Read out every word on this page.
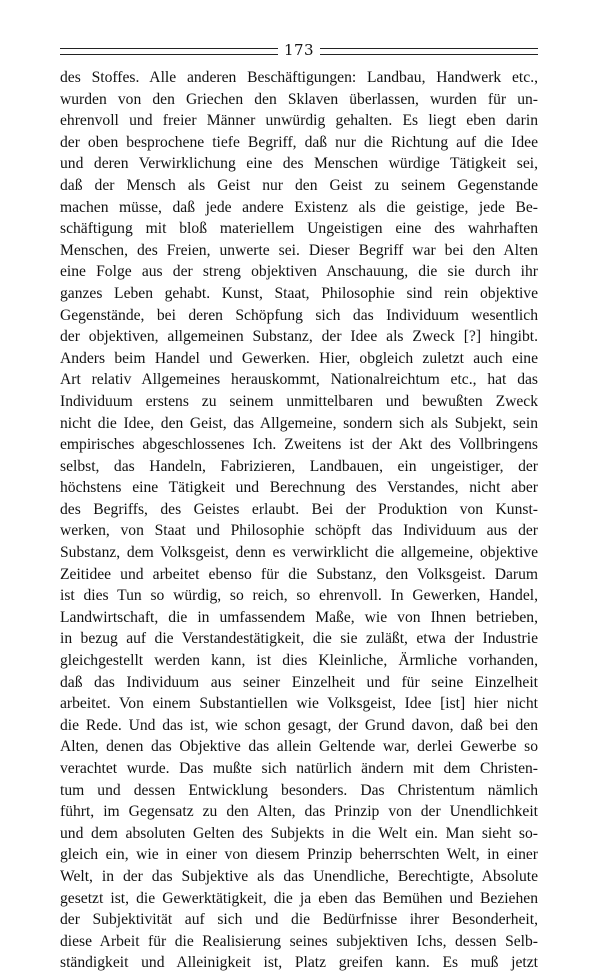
173
des Stoffes. Alle anderen Beschäftigungen: Landbau, Handwerk etc.,
wurden von den Griechen den Sklaven überlassen, wurden für un-
ehrenvoll und freier Männer unwürdig gehalten. Es liegt eben darin
der oben besprochene tiefe Begriff, daß nur die Richtung auf die Idee
und deren Verwirklichung eine des Menschen würdige Tätigkeit sei,
daß der Mensch als Geist nur den Geist zu seinem Gegenstande
machen müsse, daß jede andere Existenz als die geistige, jede Be-
schäftigung mit bloß materiellem Ungeistigen eine des wahrhaften
Menschen, des Freien, unwerte sei. Dieser Begriff war bei den Alten
eine Folge aus der streng objektiven Anschauung, die sie durch ihr
ganzes Leben gehabt. Kunst, Staat, Philosophie sind rein objektive
Gegenstände, bei deren Schöpfung sich das Individuum wesentlich
der objektiven, allgemeinen Substanz, der Idee als Zweck [?] hingibt.
Anders beim Handel und Gewerken. Hier, obgleich zuletzt auch eine
Art relativ Allgemeines herauskommt, Nationalreichtum etc., hat das
Individuum erstens zu seinem unmittelbaren und bewußten Zweck
nicht die Idee, den Geist, das Allgemeine, sondern sich als Subjekt, sein
empirisches abgeschlossenes Ich. Zweitens ist der Akt des Vollbringens
selbst, das Handeln, Fabrizieren, Landbauen, ein ungeistiger, der
höchstens eine Tätigkeit und Berechnung des Verstandes, nicht aber
des Begriffs, des Geistes erlaubt. Bei der Produktion von Kunst-
werken, von Staat und Philosophie schöpft das Individuum aus der
Substanz, dem Volksgeist, denn es verwirklicht die allgemeine, objektive
Zeitidee und arbeitet ebenso für die Substanz, den Volksgeist. Darum
ist dies Tun so würdig, so reich, so ehrenvoll. In Gewerken, Handel,
Landwirtschaft, die in umfassendem Maße, wie von Ihnen betrieben,
in bezug auf die Verstandestätigkeit, die sie zuläßt, etwa der Industrie
gleichgestellt werden kann, ist dies Kleinliche, Ärmliche vorhanden,
daß das Individuum aus seiner Einzelheit und für seine Einzelheit
arbeitet. Von einem Substantiellen wie Volksgeist, Idee [ist] hier nicht
die Rede. Und das ist, wie schon gesagt, der Grund davon, daß bei den
Alten, denen das Objektive das allein Geltende war, derlei Gewerbe so
verachtet wurde. Das mußte sich natürlich ändern mit dem Christen-
tum und dessen Entwicklung besonders. Das Christentum nämlich
führt, im Gegensatz zu den Alten, das Prinzip von der Unendlichkeit
und dem absoluten Gelten des Subjekts in die Welt ein. Man sieht so-
gleich ein, wie in einer von diesem Prinzip beherrschten Welt, in einer
Welt, in der das Subjektive als das Unendliche, Berechtigte, Absolute
gesetzt ist, die Gewerktätigkeit, die ja eben das Bemühen und Beziehen
der Subjektivität auf sich und die Bedürfnisse ihrer Besonderheit,
diese Arbeit für die Realisierung seines subjektiven Ichs, dessen Selb-
ständigkeit und Alleinigkeit ist, Platz greifen kann. Es muß jetzt
